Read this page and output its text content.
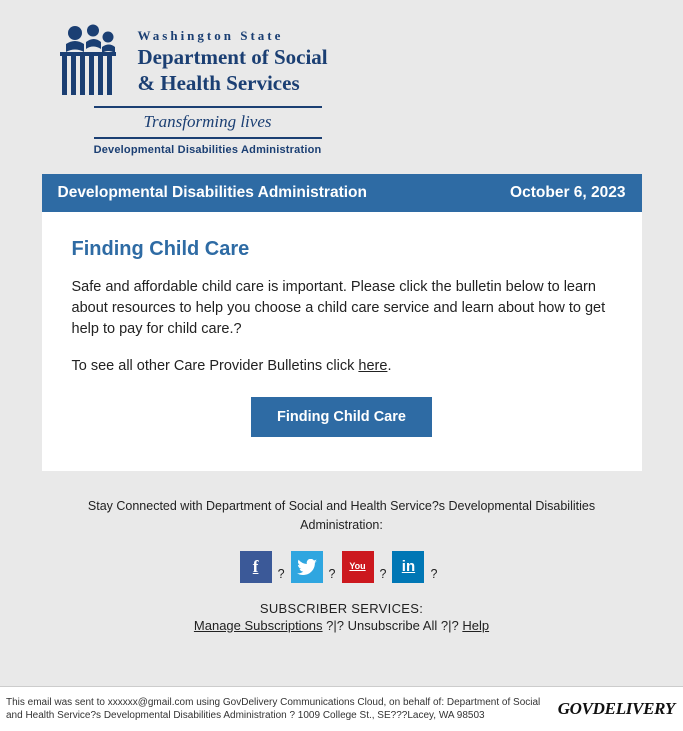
Washington State
Department of Social
& Health Services
Transforming lives
Developmental Disabilities Administration
Developmental Disabilities Administration	October 6, 2023
Finding Child Care

Safe and affordable child care is important. Please click the bulletin below to learn about resources to help you choose a child care service and learn about how to get help to pay for child care.?

To see all other Care Provider Bulletins click here.

Finding Child Care
Stay Connected with Department of Social and Health Service?s Developmental Disabilities Administration:
f	?	?
You
?	in	?
SUBSCRIBER SERVICES:
Manage Subscriptions ?|? Unsubscribe All ?|? Help
This email was sent to xxxxxx@gmail.com using GovDelivery Communications Cloud, on behalf of: Department of Social and Health Service?s Developmental Disabilities Administration ? 1009 College St., SE???Lacey, WA 98503	GOVDELIVERY
